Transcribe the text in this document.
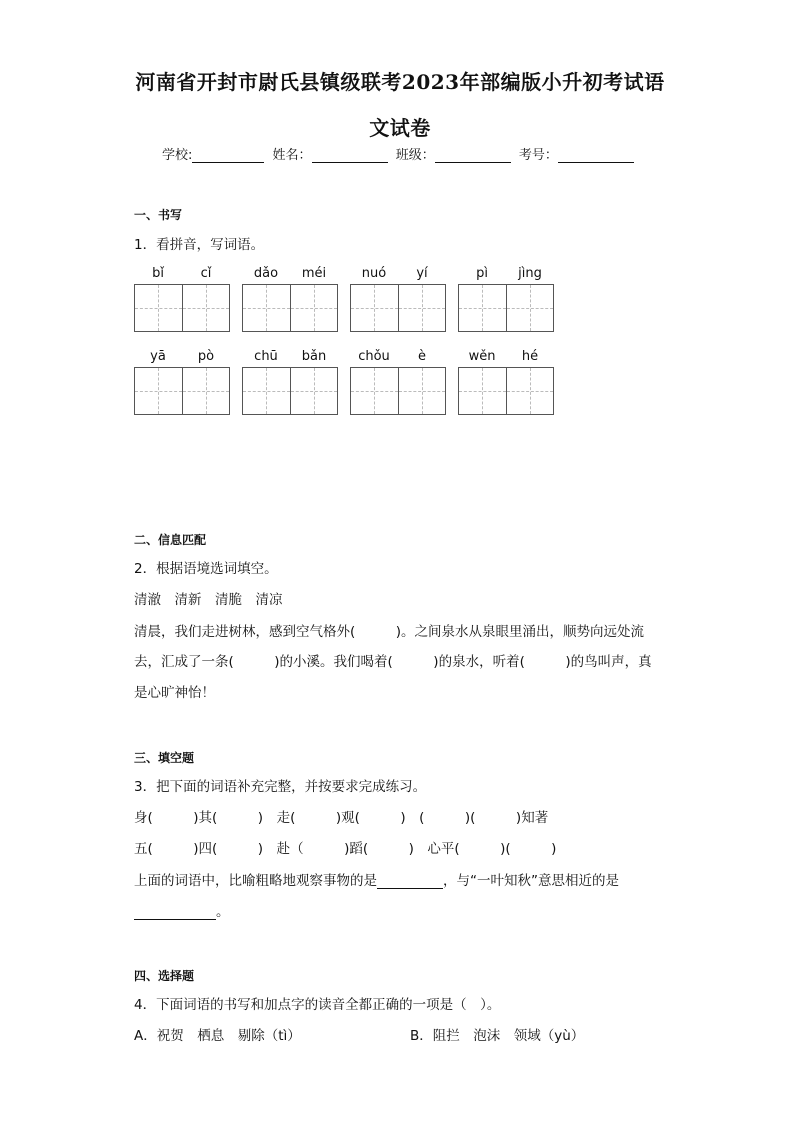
河南省开封市尉氏县镇级联考2023年部编版小升初考试语
文试卷
学校:	姓名：	班级：	考号：
一、书写
1．看拼音，写词语。
bǐ	cǐ	dǎo	méi	nuó	yí	pì	jìng
yā	pò	chū	bǎn	chǒu	è	wěn	hé
二、信息匹配
2．根据语境选词填空。
清澈　清新　清脆　清凉
清晨，我们走进树林，感到空气格外(　　　)。之间泉水从泉眼里涌出，顺势向远处流
去，汇成了一条(　　　)的小溪。我们喝着(　　　)的泉水，听着(　　　)的鸟叫声，真
是心旷神怡！
三、填空题
3．把下面的词语补充完整，并按要求完成练习。
身(　　　)其(　　　)　走(　　　)观(　　　)　(　　　)(　　　)知著
五(　　　)四(　　　)　赴（　　　)蹈(　　　)　心平(　　　)(　　　)
上面的词语中，比喻粗略地观察事物的是	，与“一叶知秋”意思相近的是
。
四、选择题
4．下面词语的书写和加点字的读音全都正确的一项是（　）。
A．祝贺　栖息　剔除（tì）	B．阻拦　泡沫　领域（yù）
